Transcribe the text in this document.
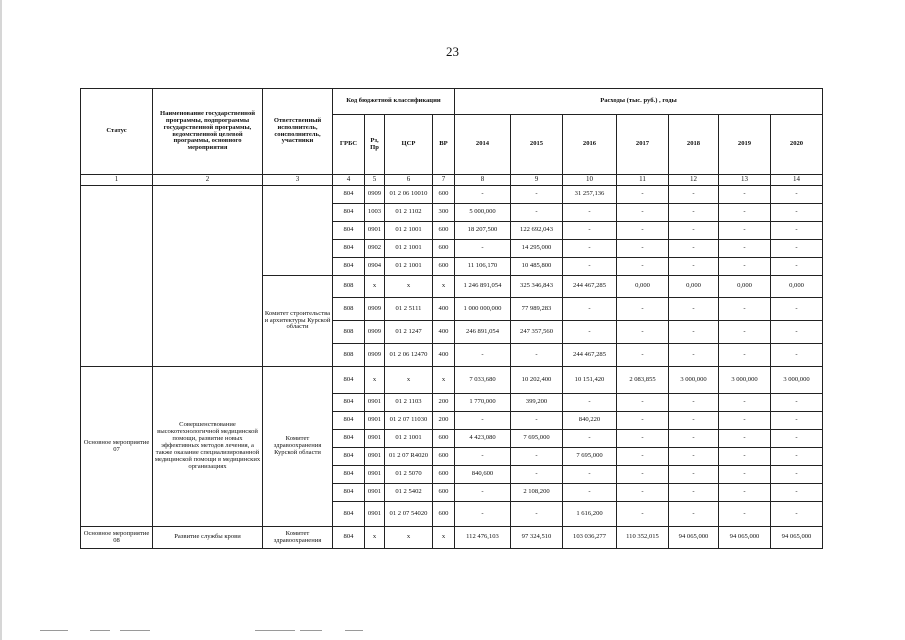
23
Статус	Наименование государственной программы, подпрограммы государственной программы, ведомственной целевой программы, основного мероприятия	Ответственный исполнитель, соисполнитель, участники	Код бюджетной классификации				Расходы (тыс. руб.) , годы						
			ГРБС	Рз, Пр	ЦСР	ВР	2014	2015	2016	2017	2018	2019	2020
1	2	3	4	5	6	7	8	9	10	11	12	13	14
			804	0909	01 2 06 10010	600	-	-	31 257,136	-	-	-	-
			804	1003	01 2 1102	300	5 000,000	-	-	-	-	-	-
			804	0901	01 2 1001	600	18 207,500	122 692,043	-	-	-	-	-
			804	0902	01 2 1001	600	-	14 295,000	-	-	-	-	-
			804	0904	01 2 1001	600	11 106,170	10 485,800	-	-	-	-	-
		Комитет строительства и архитектуры Курской области	808	x	x	x	1 246 891,054	325 346,843	244 467,285	0,000	0,000	0,000	0,000
			808	0909	01 2 5111	400	1 000 000,000	77 989,283	-	-	-	-	-
			808	0909	01 2 1247	400	246 891,054	247 357,560	-	-	-	-	-
			808	0909	01 2 06 12470	400	-	-	244 467,285	-	-	-	-
Основное мероприятие 07	Совершенствование высокотехнологичной медицинской помощи, развитие новых эффективных методов лечения, а также оказание специализированной медицинской помощи в медицинских организациях	Комитет здравоохранения Курской области	804	x	x	x	7 033,680	10 202,400	10 151,420	2 083,855	3 000,000	3 000,000	3 000,000
			804	0901	01 2 1103	200	1 770,000	399,200	-	-	-	-	-
			804	0901	01 2 07 11030	200	-	-	840,220	-	-	-	-
			804	0901	01 2 1001	600	4 423,080	7 695,000	-	-	-	-	-
			804	0901	01 2 07 R4020	600	-	-	7 695,000	-	-	-	-
			804	0901	01 2 5070	600	840,600	-	-	-	-	-	-
			804	0901	01 2 5402	600	-	2 108,200	-	-	-	-	-
			804	0901	01 2 07 54020	600	-	-	1 616,200	-	-	-	-
Основное мероприятие 08	Развитие службы крови	Комитет здравоохранения	804	x	x	x	112 476,103	97 324,510	103 036,277	110 352,015	94 065,000	94 065,000	94 065,000
